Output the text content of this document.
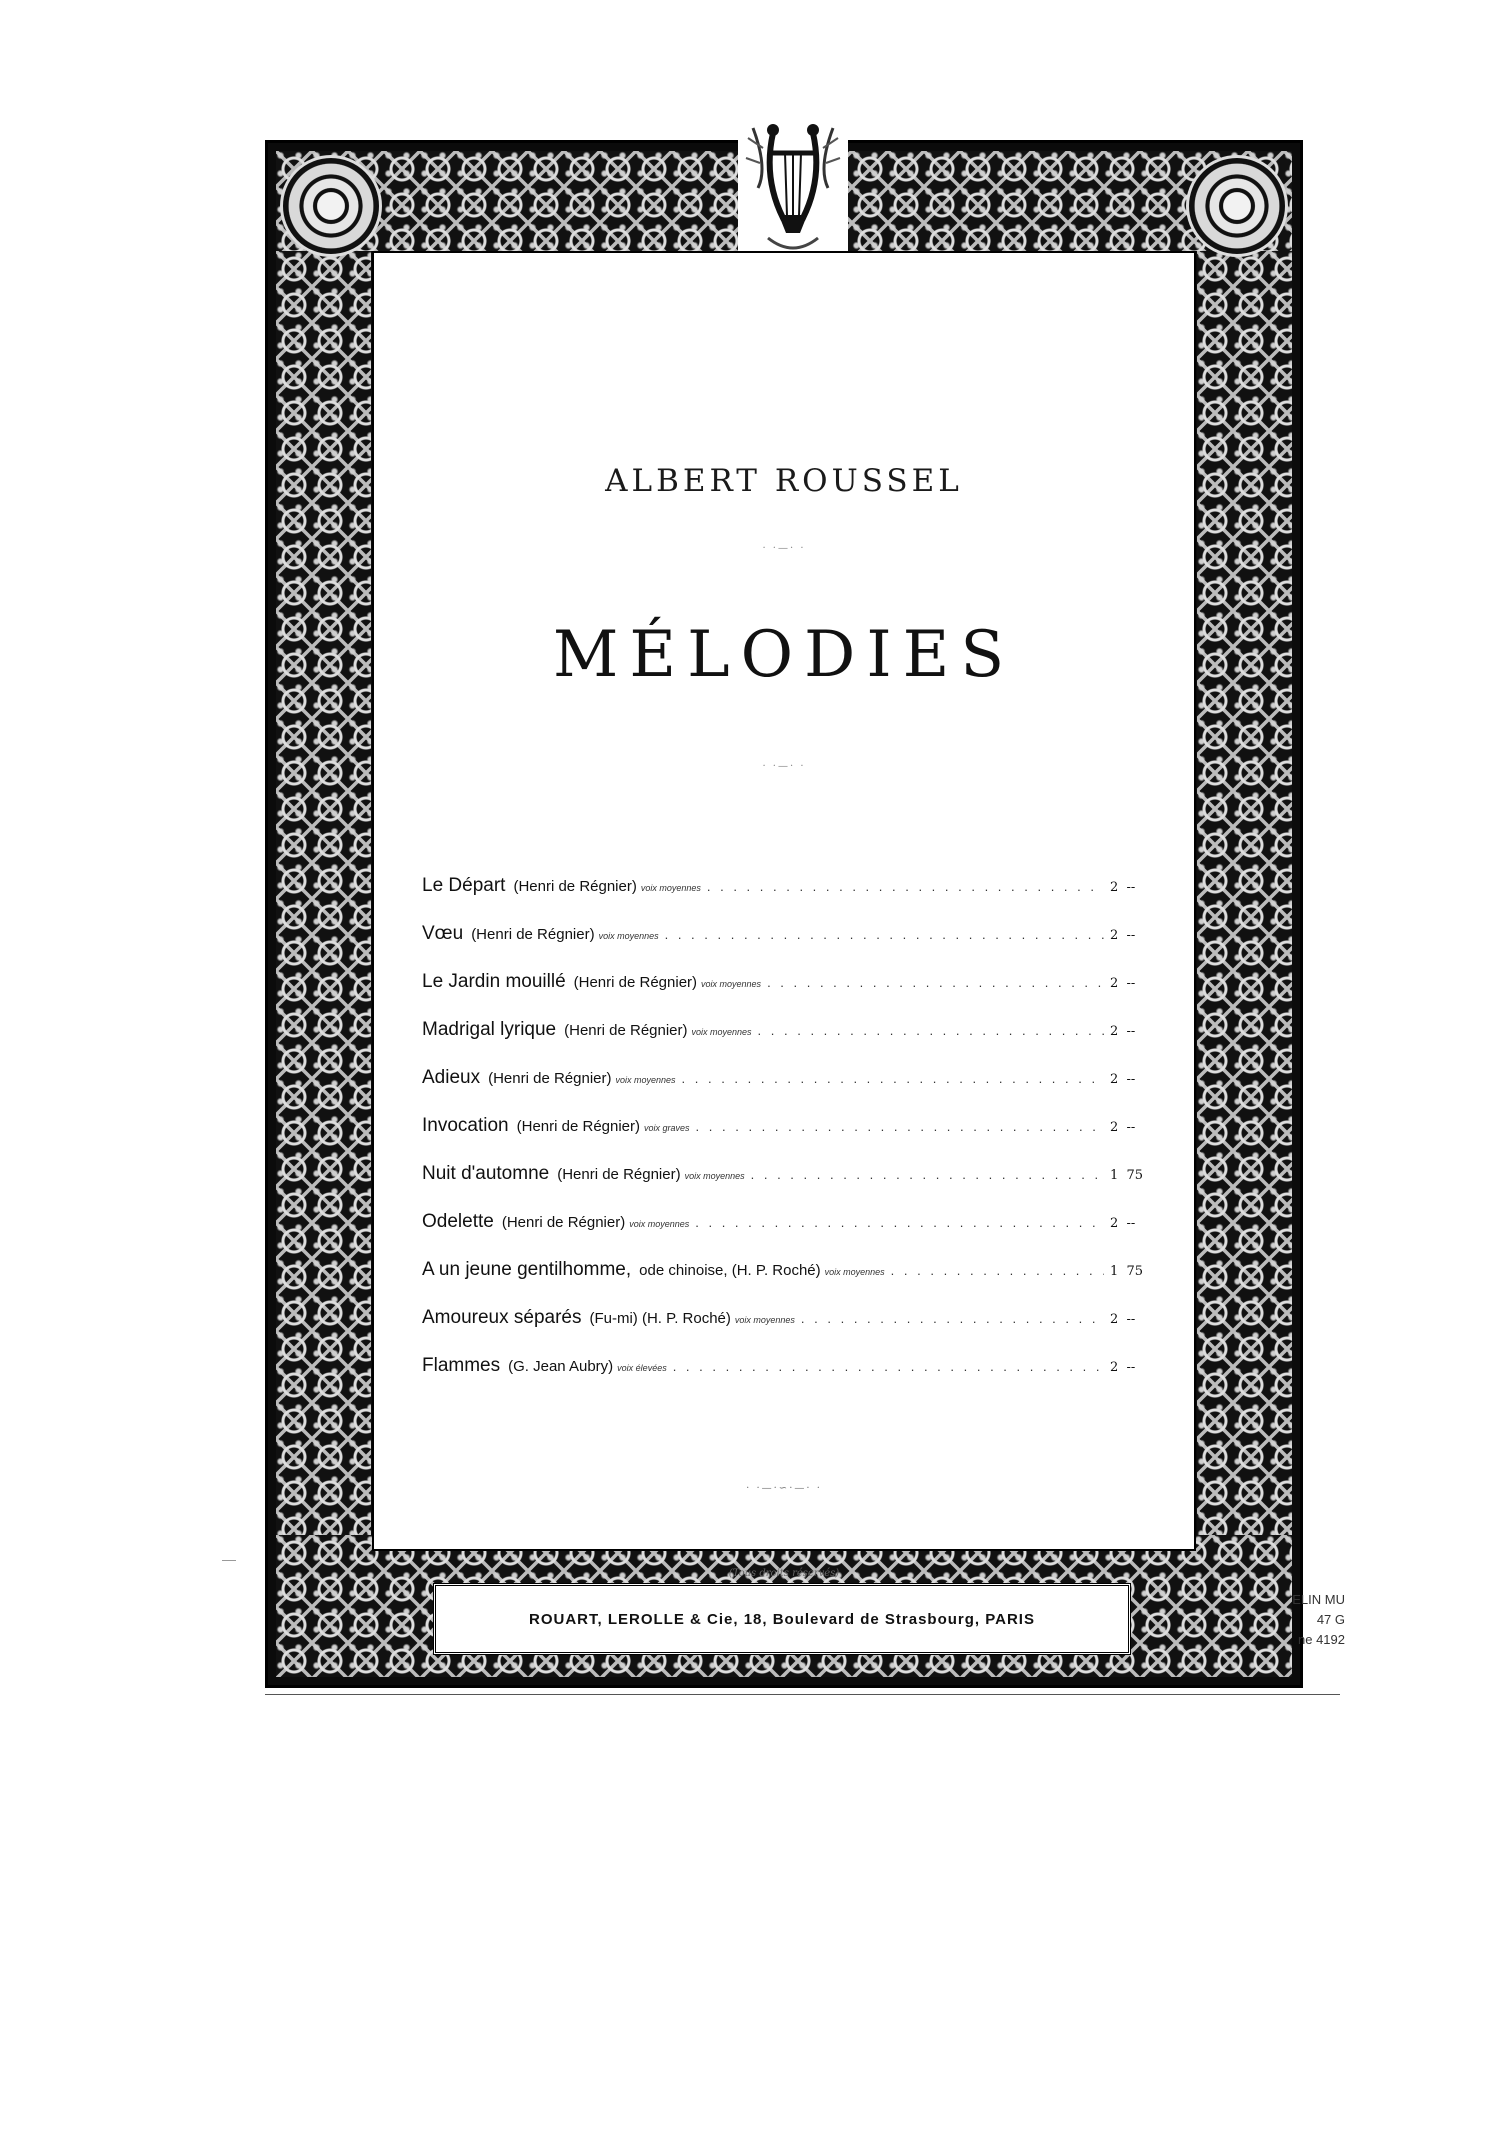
ALBERT ROUSSEL
· ·—· ·
MÉLODIES
· ·—· ·
Le Départ (Henri de Régnier) voix moyennes . . .	2  --
Vœu (Henri de Régnier) voix moyennes . . .	2  --
Le Jardin mouillé (Henri de Régnier) voix moyennes . . .	2  --
Madrigal lyrique (Henri de Régnier) voix moyennes . . .	2  --
Adieux (Henri de Régnier) voix moyennes . . .	2  --
Invocation (Henri de Régnier) voix graves . . .	2  --
Nuit d'automne (Henri de Régnier) voix moyennes . . .	1  75
Odelette (Henri de Régnier) voix moyennes . . .	2  --
A un jeune gentilhomme, ode chinoise, (H. P. Roché) voix moyennes . . .	1  75
Amoureux séparés (Fu-mi) (H. P. Roché) voix moyennes . . .	2  --
Flammes (G. Jean Aubry) voix élevées . . .	2  --
· ·—·∽·—· ·
(Tous droits réservés)
ROUART, LEROLLE & Cie, 18, Boulevard de Strasbourg, PARIS
ELIN MU
47 G
ne 4192
